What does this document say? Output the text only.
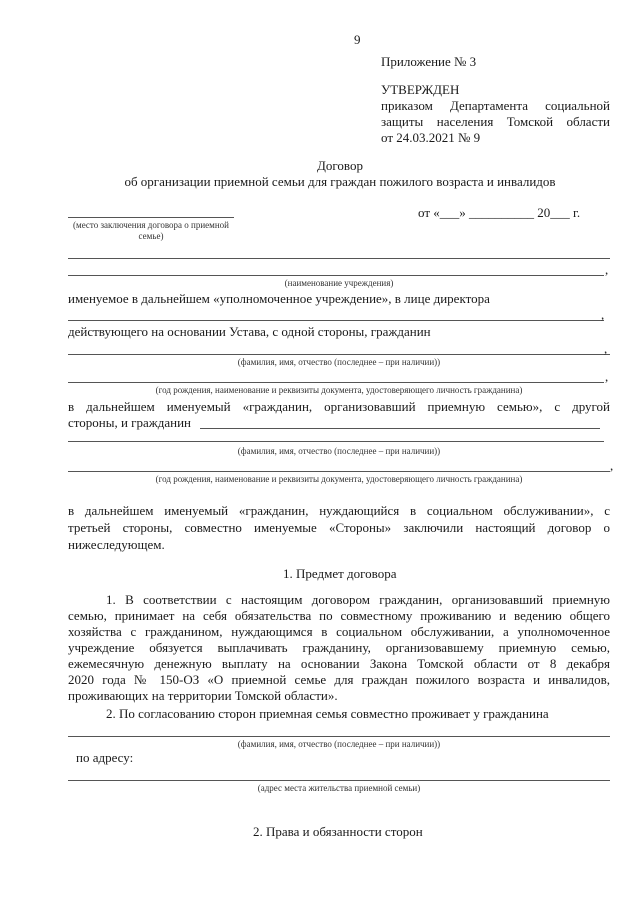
9
Приложение № 3
УТВЕРЖДЕН
приказом Департамента социальной
защиты населения Томской области
от 24.03.2021 № 9
Договор
об организации приемной семьи для граждан пожилого возраста и инвалидов
(место заключения договора о приемной семье)
от «___» __________ 20___ г.
,
(наименование учреждения)
именуемое в дальнейшем «уполномоченное учреждение», в лице директора
,
действующего на основании Устава, с одной стороны, гражданин
,
(фамилия, имя, отчество (последнее – при наличии))
,
(год рождения, наименование и реквизиты документа, удостоверяющего личность гражданина)
в дальнейшем именуемый «гражданин, организовавший приемную семью», с другой
стороны, и гражданин
(фамилия, имя, отчество (последнее – при наличии))
,
(год рождения, наименование и реквизиты документа, удостоверяющего личность гражданина)
в дальнейшем именуемый «гражданин, нуждающийся в социальном обслуживании», с
третьей стороны, совместно именуемые «Стороны» заключили настоящий договор о
нижеследующем.
1. Предмет договора
1. В соответствии с настоящим договором гражданин, организовавший приемную
семью, принимает на себя обязательства по совместному проживанию и ведению общего
хозяйства с гражданином, нуждающимся в социальном обслуживании, а уполномоченное
учреждение обязуется выплачивать гражданину, организовавшему приемную семью,
ежемесячную денежную выплату на основании Закона Томской области от 8 декабря
2020 года № 150-ОЗ «О приемной семье для граждан пожилого возраста и инвалидов,
проживающих на территории Томской области».
2. По согласованию сторон приемная семья совместно проживает у гражданина
(фамилия, имя, отчество (последнее – при наличии))
по адресу:
(адрес места жительства приемной семьи)
2. Права и обязанности сторон
